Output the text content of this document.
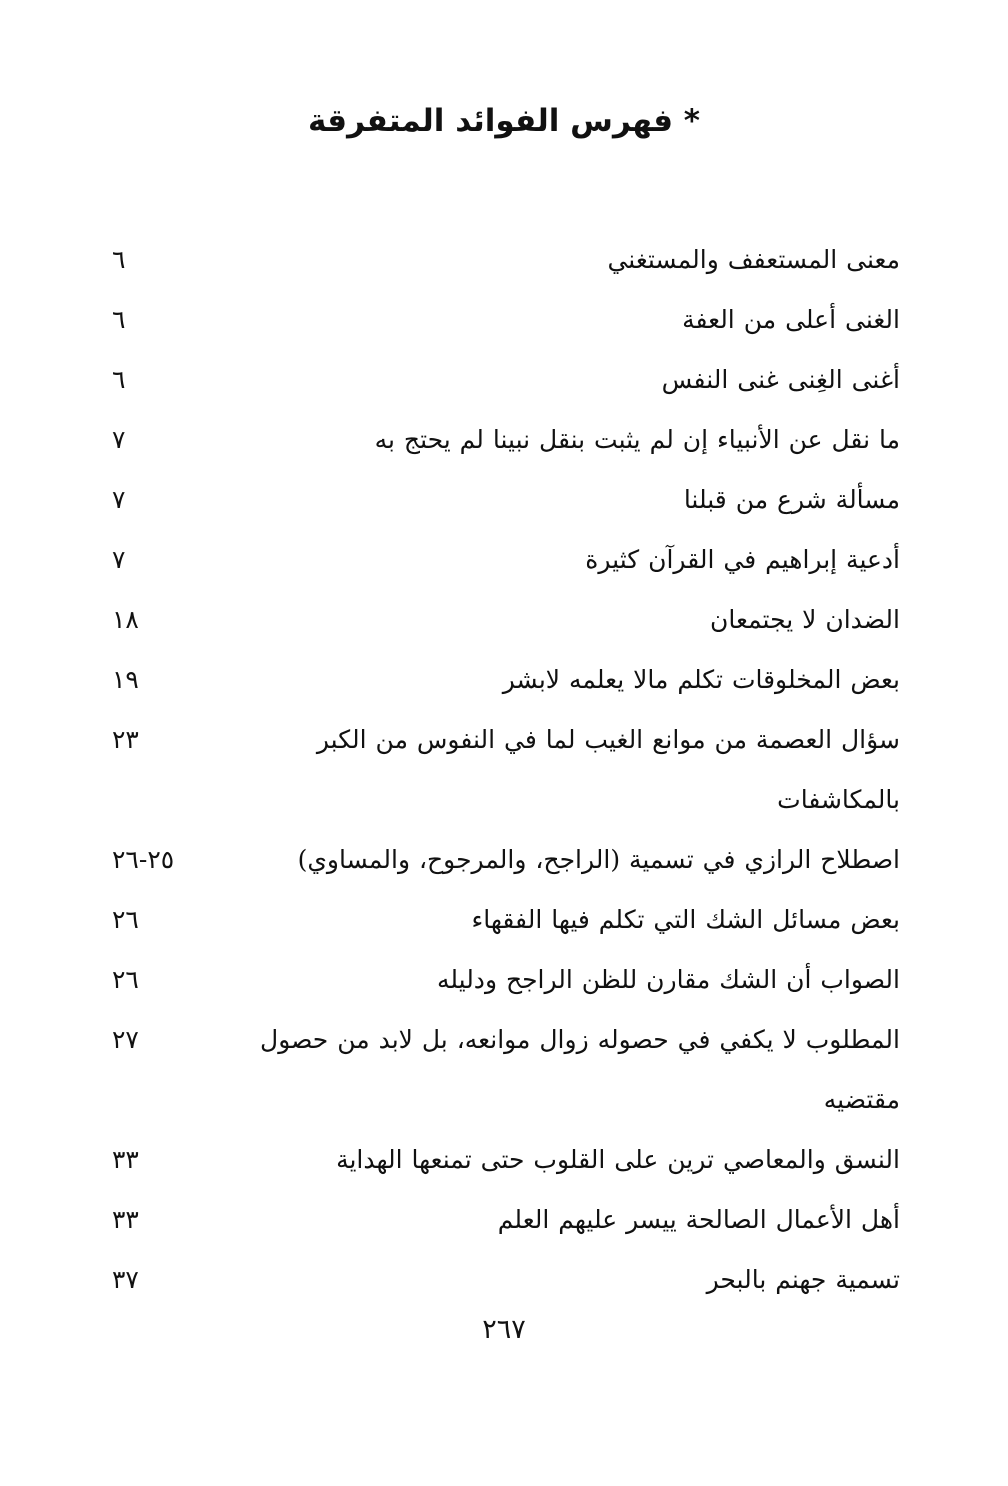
* فهرس الفوائد المتفرقة
معنى المستعفف والمستغني
٦
الغنى أعلى من العفة
٦
أغنى الغِنى غنى النفس
٦
ما نقل عن الأنبياء إن لم يثبت بنقل نبينا لم يحتج به
٧
مسألة شرع من قبلنا
٧
أدعية إبراهيم في القرآن كثيرة
٧
الضدان لا يجتمعان
١٨
بعض المخلوقات تكلم مالا يعلمه لابشر
١٩
سؤال العصمة من موانع الغيب لما في النفوس من الكبر بالمكاشفات
٢٣
اصطلاح الرازي في تسمية (الراجح، والمرجوح، والمساوي)
٢٥-٢٦
بعض مسائل الشك التي تكلم فيها الفقهاء
٢٦
الصواب أن الشك مقارن للظن الراجح ودليله
٢٦
المطلوب لا يكفي في حصوله زوال موانعه، بل لابد من حصول مقتضيه
٢٧
النسق والمعاصي ترين على القلوب حتى تمنعها الهداية
٣٣
أهل الأعمال الصالحة ييسر عليهم العلم
٣٣
تسمية جهنم بالبحر
٣٧
٢٦٧
